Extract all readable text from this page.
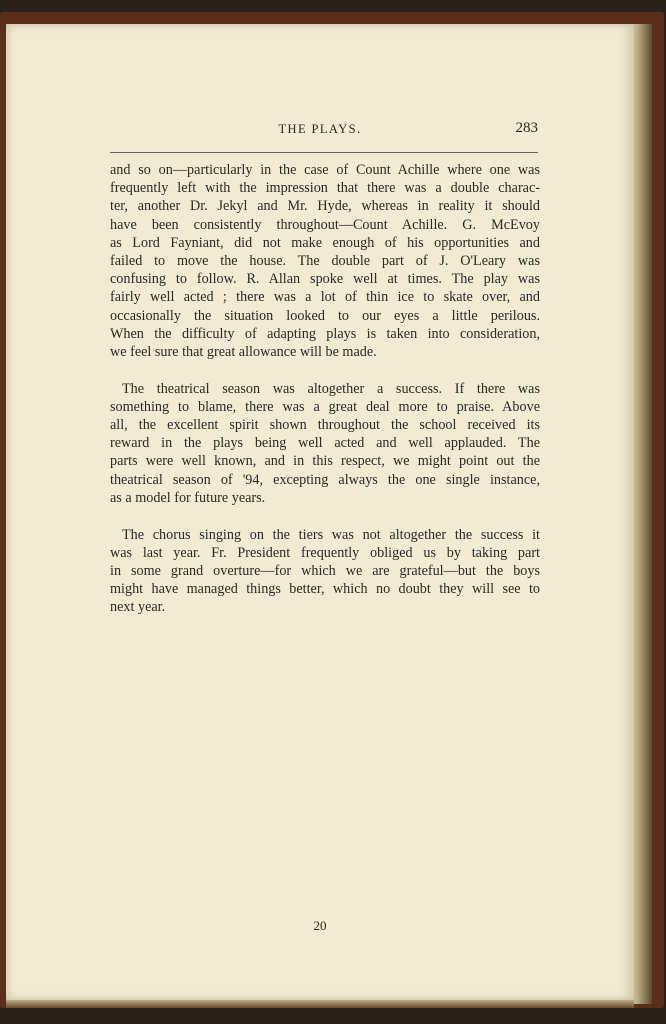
THE PLAYS.	283
and so on—particularly in the case of Count Achille where one was
frequently left with the impression that there was a double charac-
ter, another Dr. Jekyl and Mr. Hyde, whereas in reality it should
have been consistently throughout—Count Achille. G. McEvoy
as Lord Fayniant, did not make enough of his opportunities and
failed to move the house. The double part of J. O'Leary was
confusing to follow. R. Allan spoke well at times. The play was
fairly well acted ; there was a lot of thin ice to skate over, and
occasionally the situation looked to our eyes a little perilous.
When the difficulty of adapting plays is taken into consideration,
we feel sure that great allowance will be made.
The theatrical season was altogether a success. If there was
something to blame, there was a great deal more to praise. Above
all, the excellent spirit shown throughout the school received its
reward in the plays being well acted and well applauded. The
parts were well known, and in this respect, we might point out the
theatrical season of '94, excepting always the one single instance,
as a model for future years.
The chorus singing on the tiers was not altogether the success it
was last year. Fr. President frequently obliged us by taking part
in some grand overture—for which we are grateful—but the boys
might have managed things better, which no doubt they will see to
next year.
20
